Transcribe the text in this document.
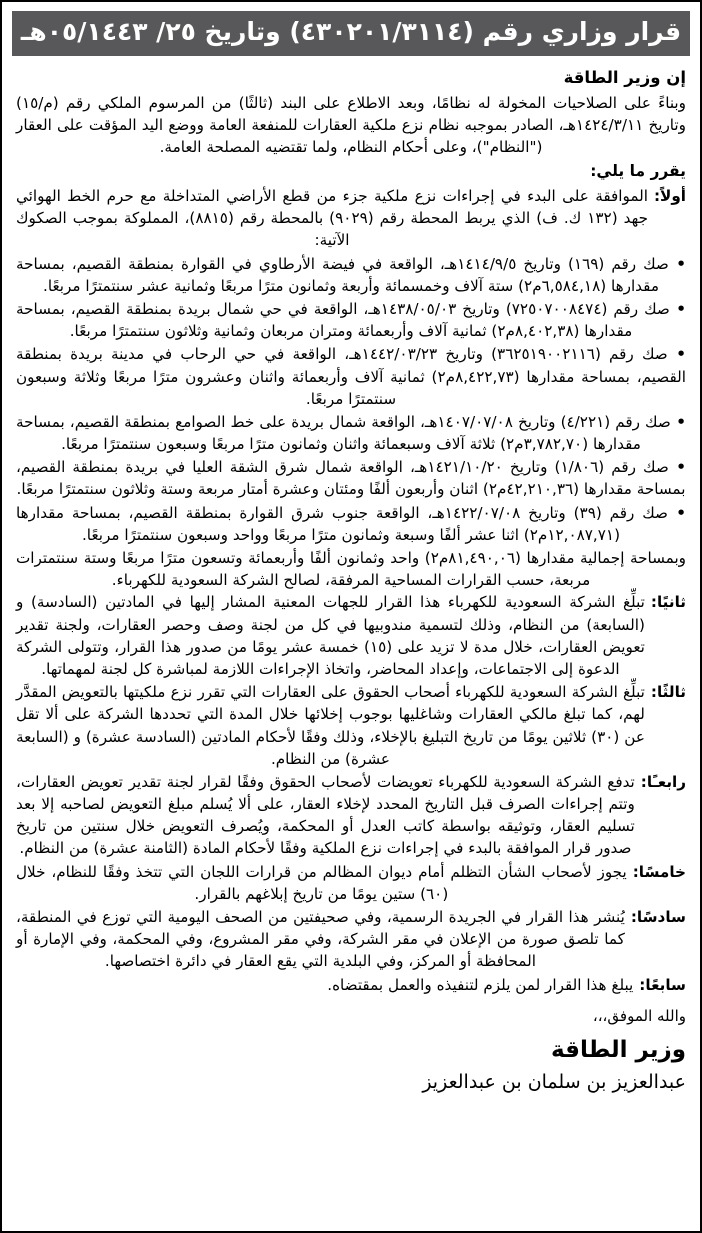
قرار وزاري رقم (٤٣٠٢٠١/٣١١٤) وتاريخ ٢٥/ ٠٥/١٤٤٣هـ
إن وزير الطاقة

وبناءً على الصلاحيات المخولة له نظامًا، وبعد الاطلاع على البند (ثالثًا) من المرسوم الملكي رقم (م/١٥) وتاريخ ١٤٢٤/٣/١١هـ، الصادر بموجبه نظام نزع ملكية العقارات للمنفعة العامة ووضع اليد المؤقت على العقار ("النظام")، وعلى أحكام النظام، ولما تقتضيه المصلحة العامة.

يقرر ما يلي:
أولاً:
الموافقة على البدء في إجراءات نزع ملكية جزء من قطع الأراضي المتداخلة مع حرم الخط الهوائي جهد (١٣٢ ك. ف) الذي يربط المحطة رقم (٩٠٢٩) بالمحطة رقم (٨٨١٥)، المملوكة بموجب الصكوك الآتية:
• صك رقم (١٦٩) وتاريخ ١٤١٤/٩/٥هـ، الواقعة في فيضة الأرطاوي في القوارة بمنطقة القصيم، بمساحة مقدارها (٦,٥٨٤,١٨م٢) ستة آلاف وخمسمائة وأربعة وثمانون مترًا مربعًا وثمانية عشر سنتمترًا مربعًا.
• صك رقم (٧٢٥٠٧٠٠٨٤٧٤) وتاريخ ١٤٣٨/٠٥/٠٣هـ، الواقعة في حي شمال بريدة بمنطقة القصيم، بمساحة مقدارها (٨,٤٠٢,٣٨م٢) ثمانية آلاف وأربعمائة ومتران مربعان وثمانية وثلاثون سنتمترًا مربعًا.
• صك رقم (٣٦٢٥١٩٠٠٢١١٦) وتاريخ ١٤٤٢/٠٣/٢٣هـ، الواقعة في حي الرحاب في مدينة بريدة بمنطقة القصيم، بمساحة مقدارها (٨,٤٢٢,٧٣م٢) ثمانية آلاف وأربعمائة واثنان وعشرون مترًا مربعًا وثلاثة وسبعون سنتمترًا مربعًا.
• صك رقم (٤/٢٢١) وتاريخ ١٤٠٧/٠٧/٠٨هـ، الواقعة شمال بريدة على خط الصوامع بمنطقة القصيم، بمساحة مقدارها (٣,٧٨٢,٧٠م٢) ثلاثة آلاف وسبعمائة واثنان وثمانون مترًا مربعًا وسبعون سنتمترًا مربعًا.
• صك رقم (١/٨٠٦) وتاريخ ١٤٢١/١٠/٢٠هـ، الواقعة شمال شرق الشقة العليا في بريدة بمنطقة القصيم، بمساحة مقدارها (٤٢,٢١٠,٣٦م٢) اثنان وأربعون ألفًا ومئتان وعشرة أمتار مربعة وستة وثلاثون سنتمترًا مربعًا.
• صك رقم (٣٩) وتاريخ ١٤٢٢/٠٧/٠٨هـ، الواقعة جنوب شرق القوارة بمنطقة القصيم، بمساحة مقدارها (١٢,٠٨٧,٧١م٢) اثنا عشر ألفًا وسبعة وثمانون مترًا مربعًا وواحد وسبعون سنتمترًا مربعًا.

وبمساحة إجمالية مقدارها (٨١,٤٩٠,٠٦م٢) واحد وثمانون ألفًا وأربعمائة وتسعون مترًا مربعًا وستة سنتمترات مربعة، حسب القرارات المساحية المرفقة، لصالح الشركة السعودية للكهرباء.

ثانيًا:
تبلِّغ الشركة السعودية للكهرباء هذا القرار للجهات المعنية المشار إليها في المادتين (السادسة) و (السابعة) من النظام، وذلك لتسمية مندوبيها في كل من لجنة وصف وحصر العقارات، ولجنة تقدير تعويض العقارات، خلال مدة لا تزيد على (١٥) خمسة عشر يومًا من صدور هذا القرار، وتتولى الشركة الدعوة إلى الاجتماعات، وإعداد المحاضر، واتخاذ الإجراءات اللازمة لمباشرة كل لجنة لمهماتها.
ثالثًا:
تبلِّغ الشركة السعودية للكهرباء أصحاب الحقوق على العقارات التي تقرر نزع ملكيتها بالتعويض المقدَّر لهم، كما تبلغ مالكي العقارات وشاغليها بوجوب إخلائها خلال المدة التي تحددها الشركة على ألا تقل عن (٣٠) ثلاثين يومًا من تاريخ التبليغ بالإخلاء، وذلك وفقًا لأحكام المادتين (السادسة عشرة) و (السابعة عشرة) من النظام.
رابعـًا:
تدفع الشركة السعودية للكهرباء تعويضات لأصحاب الحقوق وفقًا لقرار لجنة تقدير تعويض العقارات، وتتم إجراءات الصرف قبل التاريخ المحدد لإخلاء العقار، على ألا يُسلم مبلغ التعويض لصاحبه إلا بعد تسليم العقار، وتوثيقه بواسطة كاتب العدل أو المحكمة، ويُصرف التعويض خلال سنتين من تاريخ صدور قرار الموافقة بالبدء في إجراءات نزع الملكية وفقًا لأحكام المادة (الثامنة عشرة) من النظام.
خامسًا:
يجوز لأصحاب الشأن التظلم أمام ديوان المظالم من قرارات اللجان التي تتخذ وفقًا للنظام، خلال (٦٠) ستين يومًا من تاريخ إبلاغهم بالقرار.
سادسًا:
يُنشر هذا القرار في الجريدة الرسمية، وفي صحيفتين من الصحف اليومية التي توزع في المنطقة، كما تلصق صورة من الإعلان في مقر الشركة، وفي مقر المشروع، وفي المحكمة، وفي الإمارة أو المحافظة أو المركز، وفي البلدية التي يقع العقار في دائرة اختصاصها.
سابعًا:
يبلغ هذا القرار لمن يلزم لتنفيذه والعمل بمقتضاه.
والله الموفق،،،
وزير الطاقة
عبدالعزيز بن سلمان بن عبدالعزيز
